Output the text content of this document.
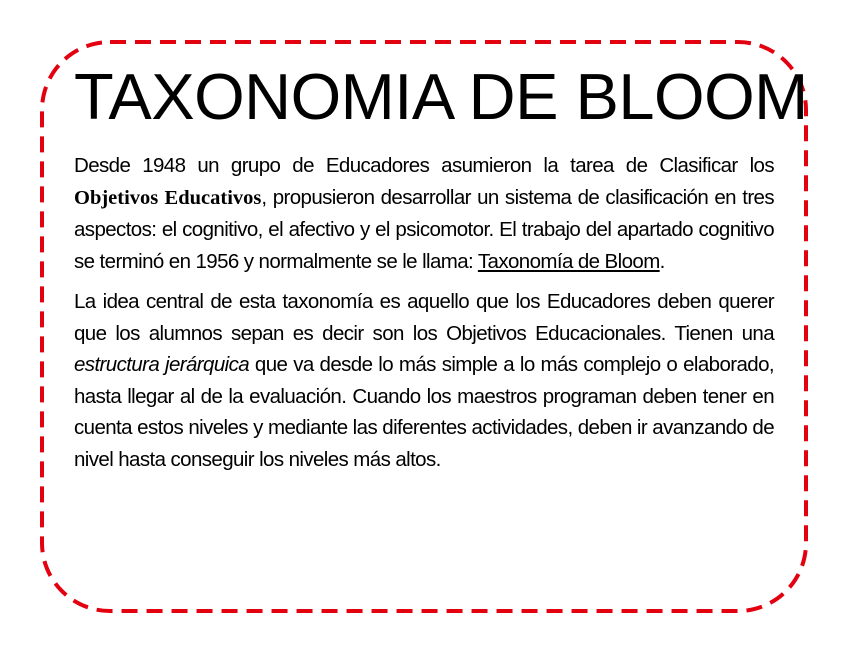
TAXONOMIA DE BLOOM

Desde 1948 un grupo de Educadores asumieron la tarea de Clasificar los Objetivos Educativos, propusieron desarrollar un sistema de clasificación en tres aspectos: el cognitivo, el afectivo y el psicomotor. El trabajo del apartado cognitivo se terminó en 1956 y normalmente se le llama: Taxonomía de Bloom.

La idea central de esta taxonomía es aquello que los Educadores deben querer que los alumnos sepan es decir son los Objetivos Educacionales. Tienen una estructura jerárquica que va desde lo más simple a lo más complejo o elaborado, hasta llegar al de la evaluación. Cuando los maestros programan deben tener en cuenta estos niveles y mediante las diferentes actividades, deben ir avanzando de nivel hasta conseguir los niveles más altos.
